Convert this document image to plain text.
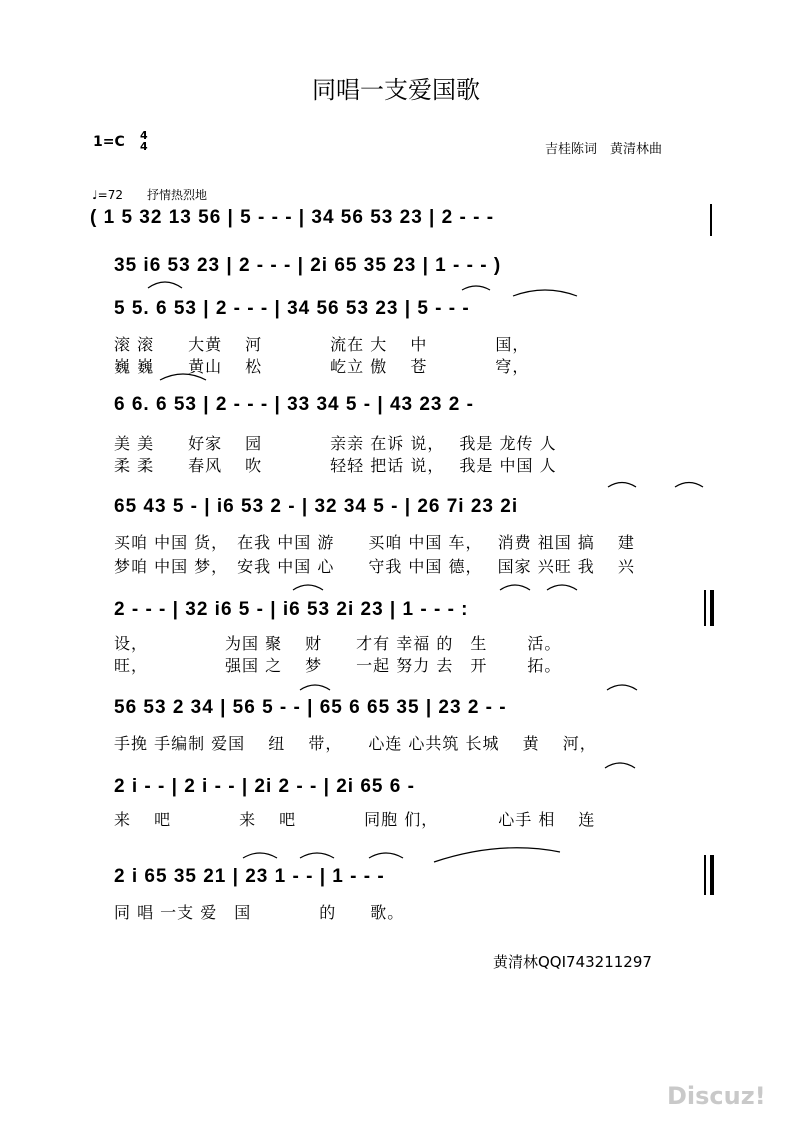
同唱一支爱国歌
1=C 4
4	吉桂陈词　黄清林曲
♩=72　　抒情热烈地
( 1 5 32 13 56 | 5 - - - | 34 56 53 23 | 2 - - -
35 i6 53 23 | 2 - - - | 2i 65 35 23 | 1 - - - )
5 5. 6 53 | 2 - - - | 34 56 53 23 | 5 - - -
滚 滚　　大黄　 河　　　　流在 大 　中　　　　国，
巍 巍　　黄山　 松　　　　屹立 傲 　苍　　　　穹，
6 6. 6 53 | 2 - - - | 33 34 5 - | 43 23 2 -
美 美　　好家　 园　　　　亲亲 在诉 说，　 我是 龙传 人
柔 柔　　春风　 吹　　　　轻轻 把话 说，　 我是 中国 人
65 43 5 - | i6 53 2 - | 32 34 5 - | 26 7i 23 2i
买咱 中国 货，　在我 中国 游　　买咱 中国 车，　 消费 祖国 搞 　建
梦咱 中国 梦，　安我 中国 心　　守我 中国 德，　 国家 兴旺 我 　兴
2 - - - | 32 i6 5 - | i6 53 2i 23 | 1 - - - :
设，　　　　　为国 聚 　财　　才有 幸福 的　生　　 活。
旺，　　　　　强国 之 　梦　　一起 努力 去　开　　 拓。
56 53 2 34 | 56 5 - - | 65 6 65 35 | 23 2 - -
手挽 手编制 爱国　 纽 　带，　　心连 心共筑 长城　 黄 　河，
2 i - - | 2 i - - | 2i 2 - - | 2i 65 6 -
来 　吧　　　　来 　吧　　　　同胞 们，　　　　心手 相 　连
2 i 65 35 21 | 23 1 - - | 1 - - -
同 唱 一支 爱　国　　　　的　　歌。
黄清林QQI743211297
Discuz!
